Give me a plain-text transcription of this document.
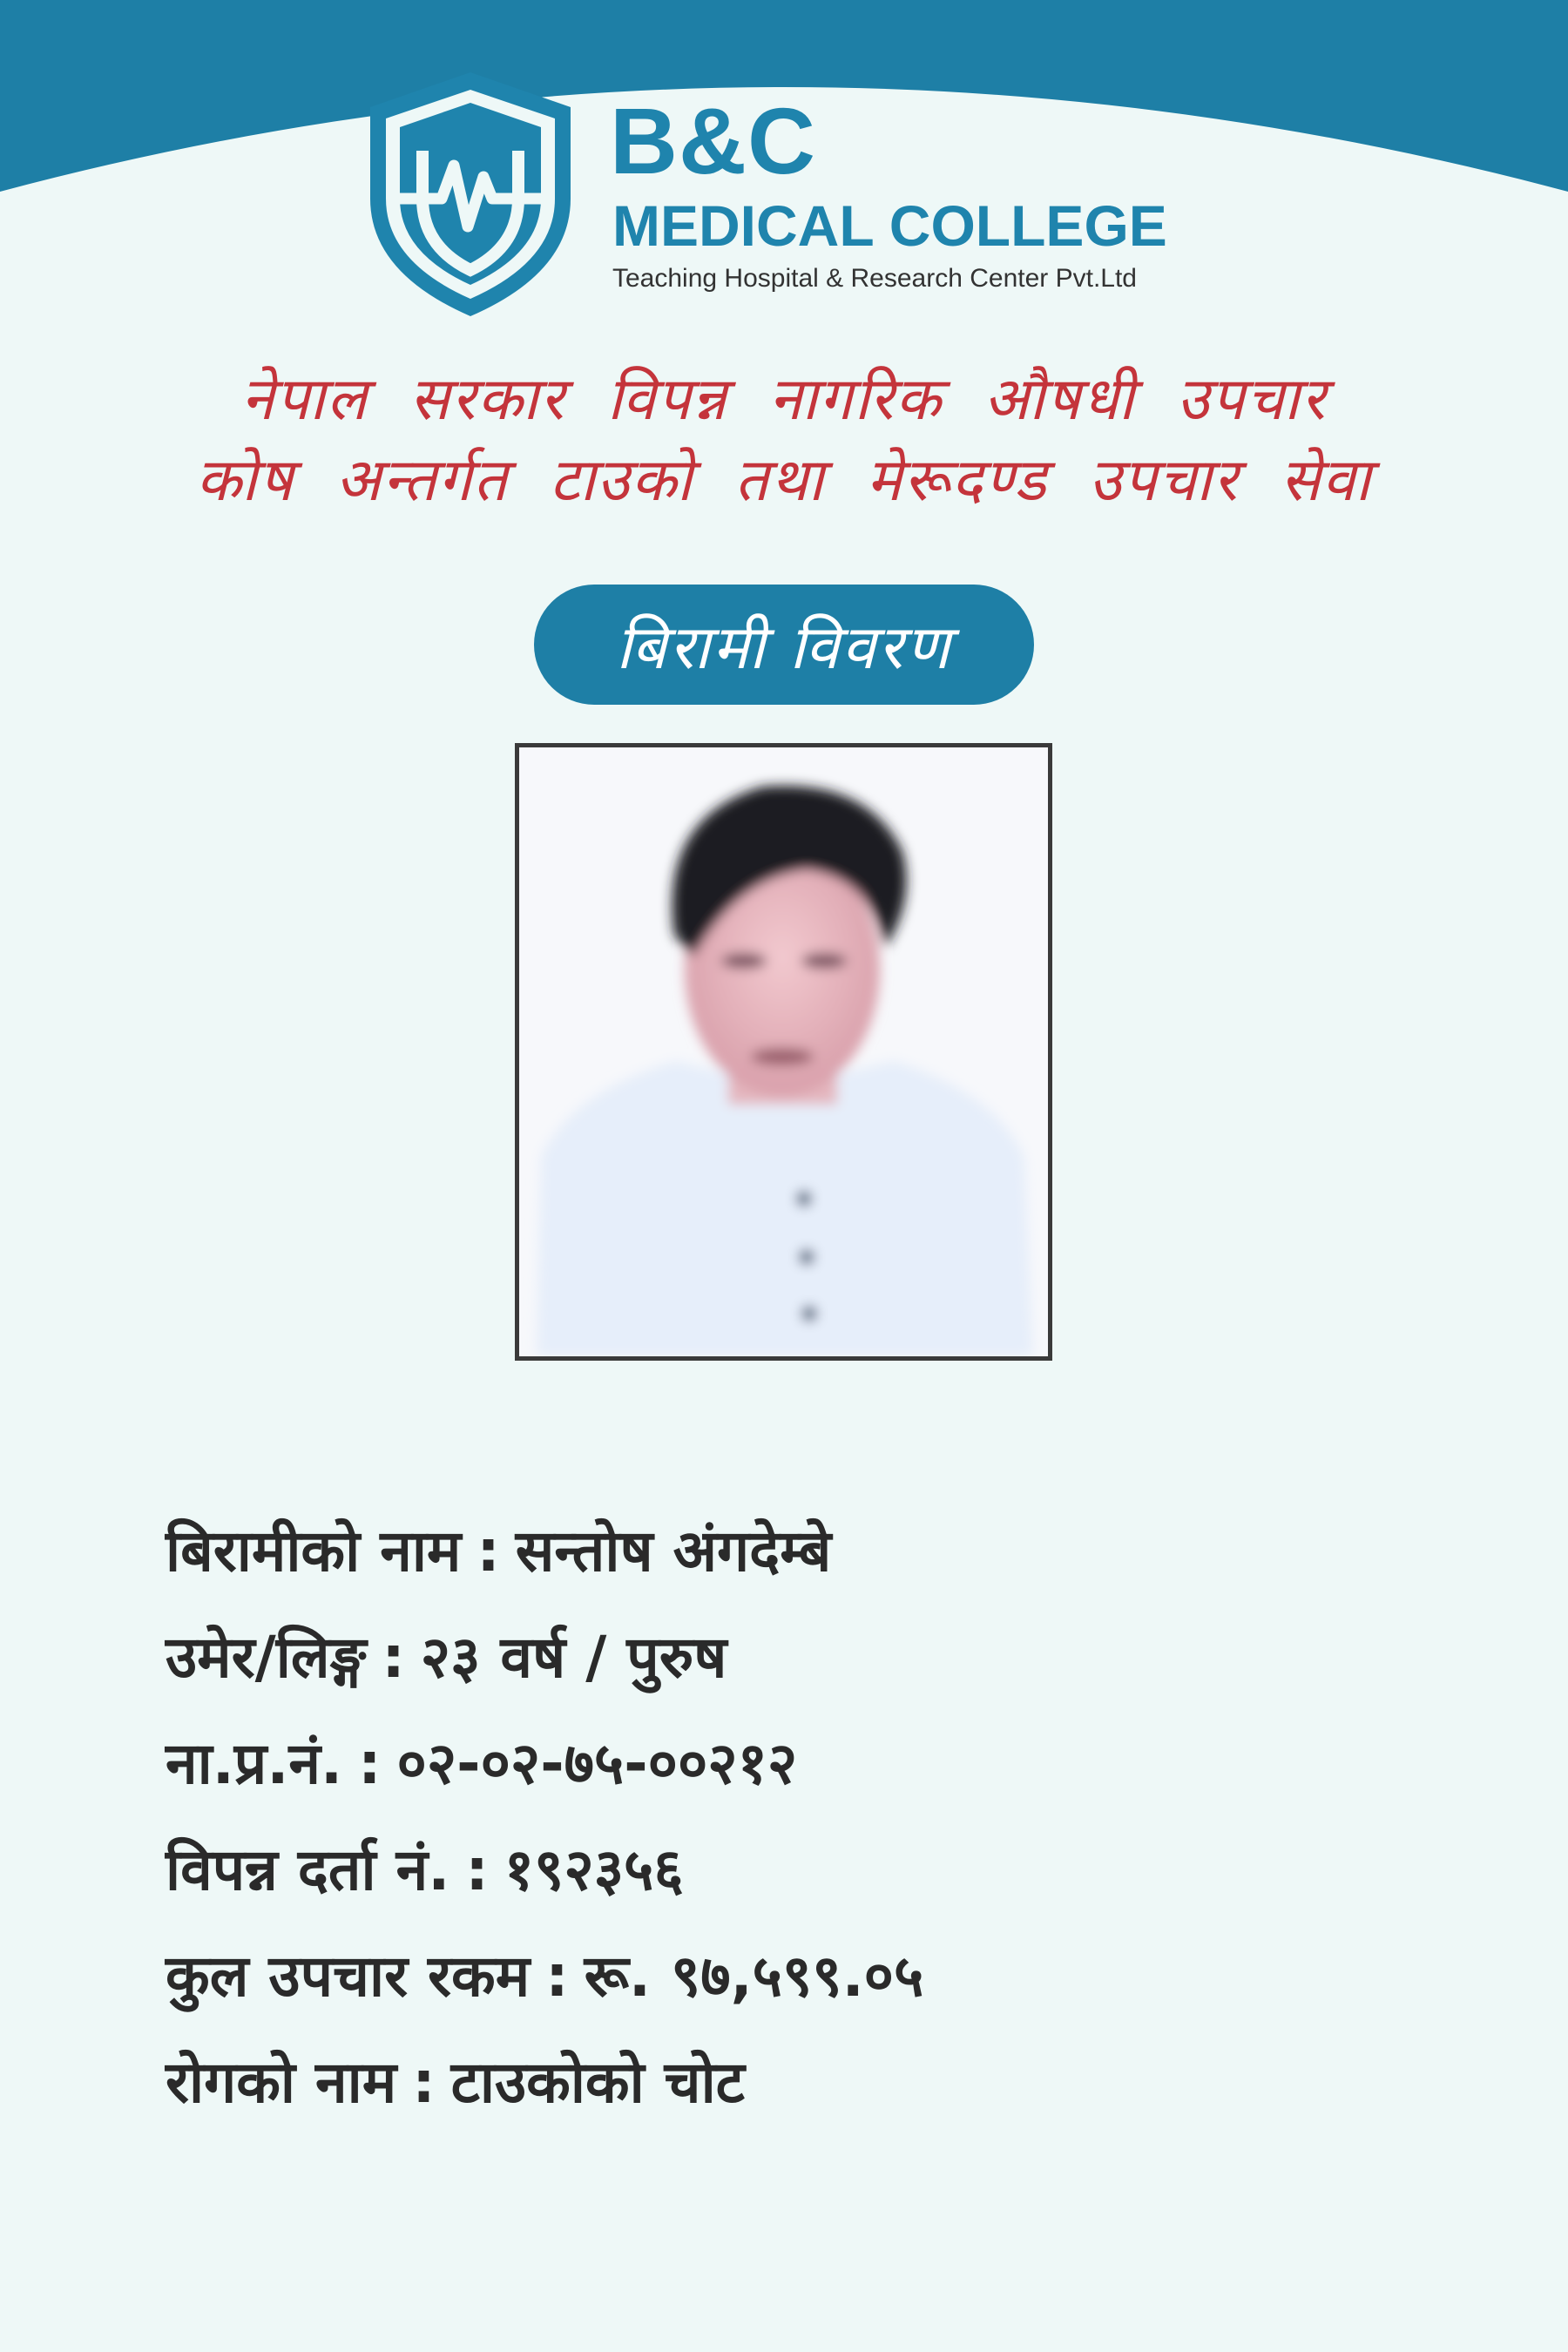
B&C
MEDICAL COLLEGE
Teaching Hospital & Research Center Pvt.Ltd
नेपाल  सरकार  विपन्न  नागरिक  औषधी  उपचार
कोष  अन्तर्गत  टाउको  तथा  मेरूदण्ड  उपचार  सेवा
बिरामी विवरण
बिरामीको नाम : सन्तोष अंगदेम्बे
उमेर/लिङ्ग : २३ वर्ष / पुरुष
ना.प्र.नं. : ०२-०२-७५-००२१२
विपन्न दर्ता नं. : १९२३५६
कुल उपचार रकम : रू. ९७,५९९.०५
रोगको नाम : टाउकोको चोट
